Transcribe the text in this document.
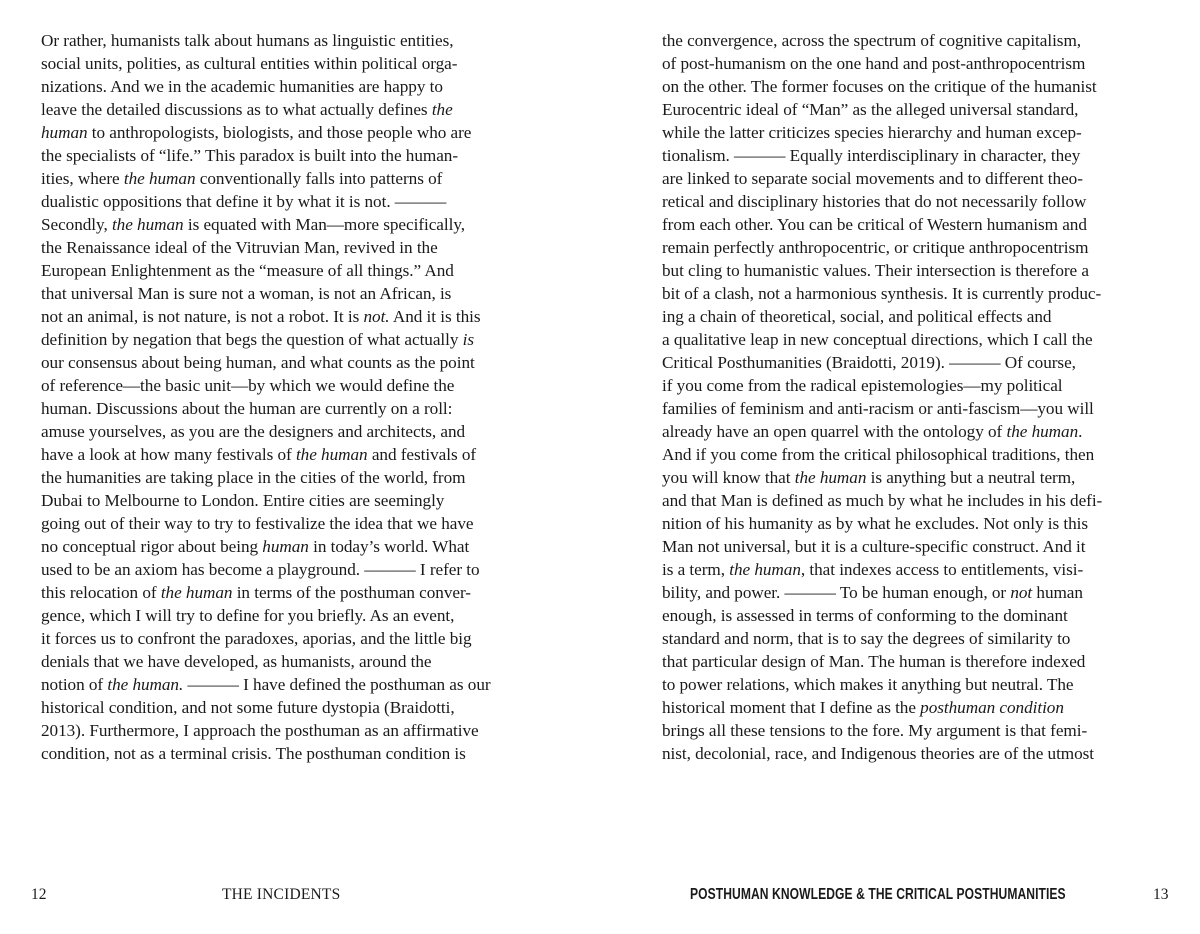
Or rather, humanists talk about humans as linguistic entities,
social units, polities, as cultural entities within political orga-
nizations. And we in the academic humanities are happy to
leave the detailed discussions as to what actually defines the
human to anthropologists, biologists, and those people who are
the specialists of “life.” This paradox is built into the human-
ities, where the human conventionally falls into patterns of
dualistic oppositions that define it by what it is not. ———
Secondly, the human is equated with Man—more specifically,
the Renaissance ideal of the Vitruvian Man, revived in the
European Enlightenment as the “measure of all things.” And
that universal Man is sure not a woman, is not an African, is
not an animal, is not nature, is not a robot. It is not. And it is this
definition by negation that begs the question of what actually is
our consensus about being human, and what counts as the point
of reference—the basic unit—by which we would define the
human. Discussions about the human are currently on a roll:
amuse yourselves, as you are the designers and architects, and
have a look at how many festivals of the human and festivals of
the humanities are taking place in the cities of the world, from
Dubai to Melbourne to London. Entire cities are seemingly
going out of their way to try to festivalize the idea that we have
no conceptual rigor about being human in today’s world. What
used to be an axiom has become a playground. ——— I refer to
this relocation of the human in terms of the posthuman conver-
gence, which I will try to define for you briefly. As an event,
it forces us to confront the paradoxes, aporias, and the little big
denials that we have developed, as humanists, around the
notion of the human. ——— I have defined the posthuman as our
historical condition, and not some future dystopia (Braidotti,
2013). Furthermore, I approach the posthuman as an affirmative
condition, not as a terminal crisis. The posthuman condition is
12	THE INCIDENTS
the convergence, across the spectrum of cognitive capitalism,
of post-humanism on the one hand and post-anthropocentrism
on the other. The former focuses on the critique of the humanist
Eurocentric ideal of “Man” as the alleged universal standard,
while the latter criticizes species hierarchy and human excep-
tionalism. ——— Equally interdisciplinary in character, they
are linked to separate social movements and to different theo-
retical and disciplinary histories that do not necessarily follow
from each other. You can be critical of Western humanism and
remain perfectly anthropocentric, or critique anthropocentrism
but cling to humanistic values. Their intersection is therefore a
bit of a clash, not a harmonious synthesis. It is currently produc-
ing a chain of theoretical, social, and political effects and
a qualitative leap in new conceptual directions, which I call the
Critical Posthumanities (Braidotti, 2019). ——— Of course,
if you come from the radical epistemologies—my political
families of feminism and anti-racism or anti-fascism—you will
already have an open quarrel with the ontology of the human.
And if you come from the critical philosophical traditions, then
you will know that the human is anything but a neutral term,
and that Man is defined as much by what he includes in his defi-
nition of his humanity as by what he excludes. Not only is this
Man not universal, but it is a culture-specific construct. And it
is a term, the human, that indexes access to entitlements, visi-
bility, and power. ——— To be human enough, or not human
enough, is assessed in terms of conforming to the dominant
standard and norm, that is to say the degrees of similarity to
that particular design of Man. The human is therefore indexed
to power relations, which makes it anything but neutral. The
historical moment that I define as the posthuman condition
brings all these tensions to the fore. My argument is that femi-
nist, decolonial, race, and Indigenous theories are of the utmost
POSTHUMAN KNOWLEDGE & THE CRITICAL POSTHUMANITIES	13
